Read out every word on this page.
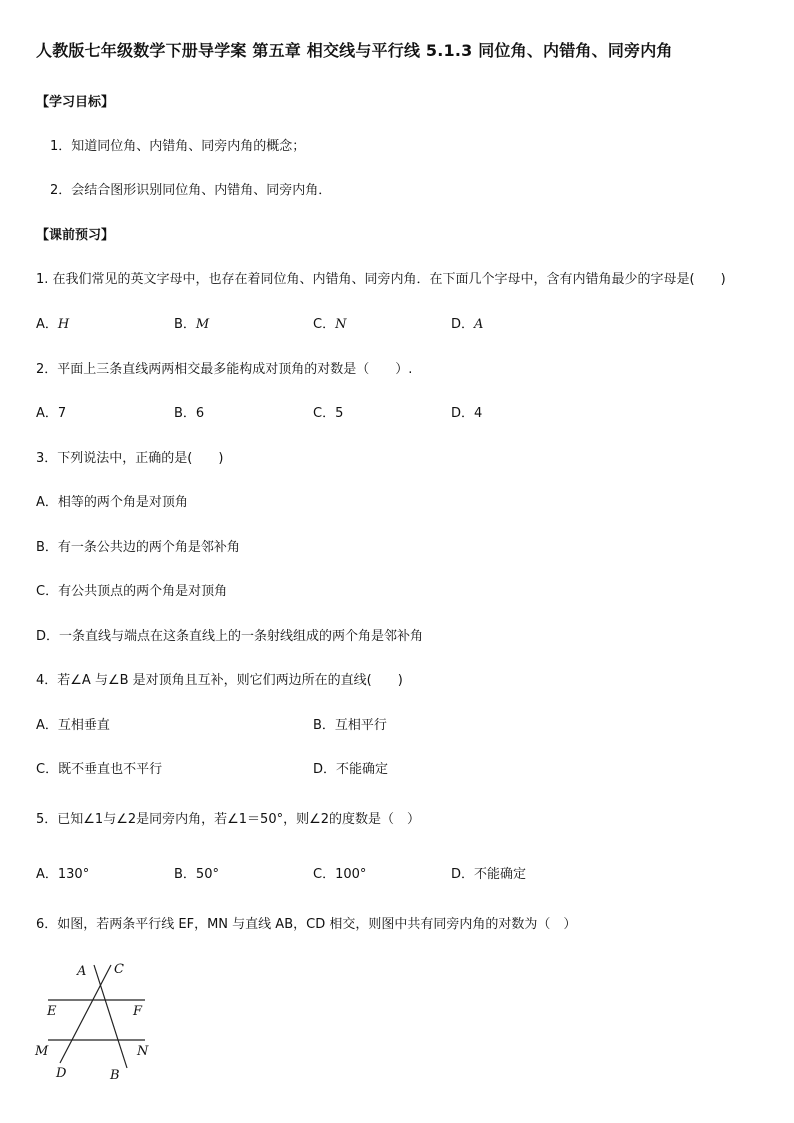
人教版七年级数学下册导学案 第五章 相交线与平行线 5.1.3 同位角、内错角、同旁内角
【学习目标】
1．知道同位角、内错角、同旁内角的概念；
2．会结合图形识别同位角、内错角、同旁内角．
【课前预习】
1. 在我们常见的英文字母中，也存在着同位角、内错角、同旁内角．在下面几个字母中，含有内错角最少的字母是(　　)
A．H	B．M	C．N	D．A
2．平面上三条直线两两相交最多能构成对顶角的对数是（　　）.
A．7	B．6	C．5	D．4
3．下列说法中，正确的是(　　)
A．相等的两个角是对顶角
B．有一条公共边的两个角是邻补角
C．有公共顶点的两个角是对顶角
D．一条直线与端点在这条直线上的一条射线组成的两个角是邻补角
4．若∠A 与∠B 是对顶角且互补，则它们两边所在的直线(　　)
A．互相垂直	B．互相平行
C．既不垂直也不平行	D．不能确定
5．已知∠1与∠2是同旁内角，若∠1＝50°，则∠2的度数是（　）
A．130°	B．50°	C．100°	D．不能确定
6．如图，若两条平行线 EF，MN 与直线 AB，CD 相交，则图中共有同旁内角的对数为（　）
A C
E	F
M	N
D	B
